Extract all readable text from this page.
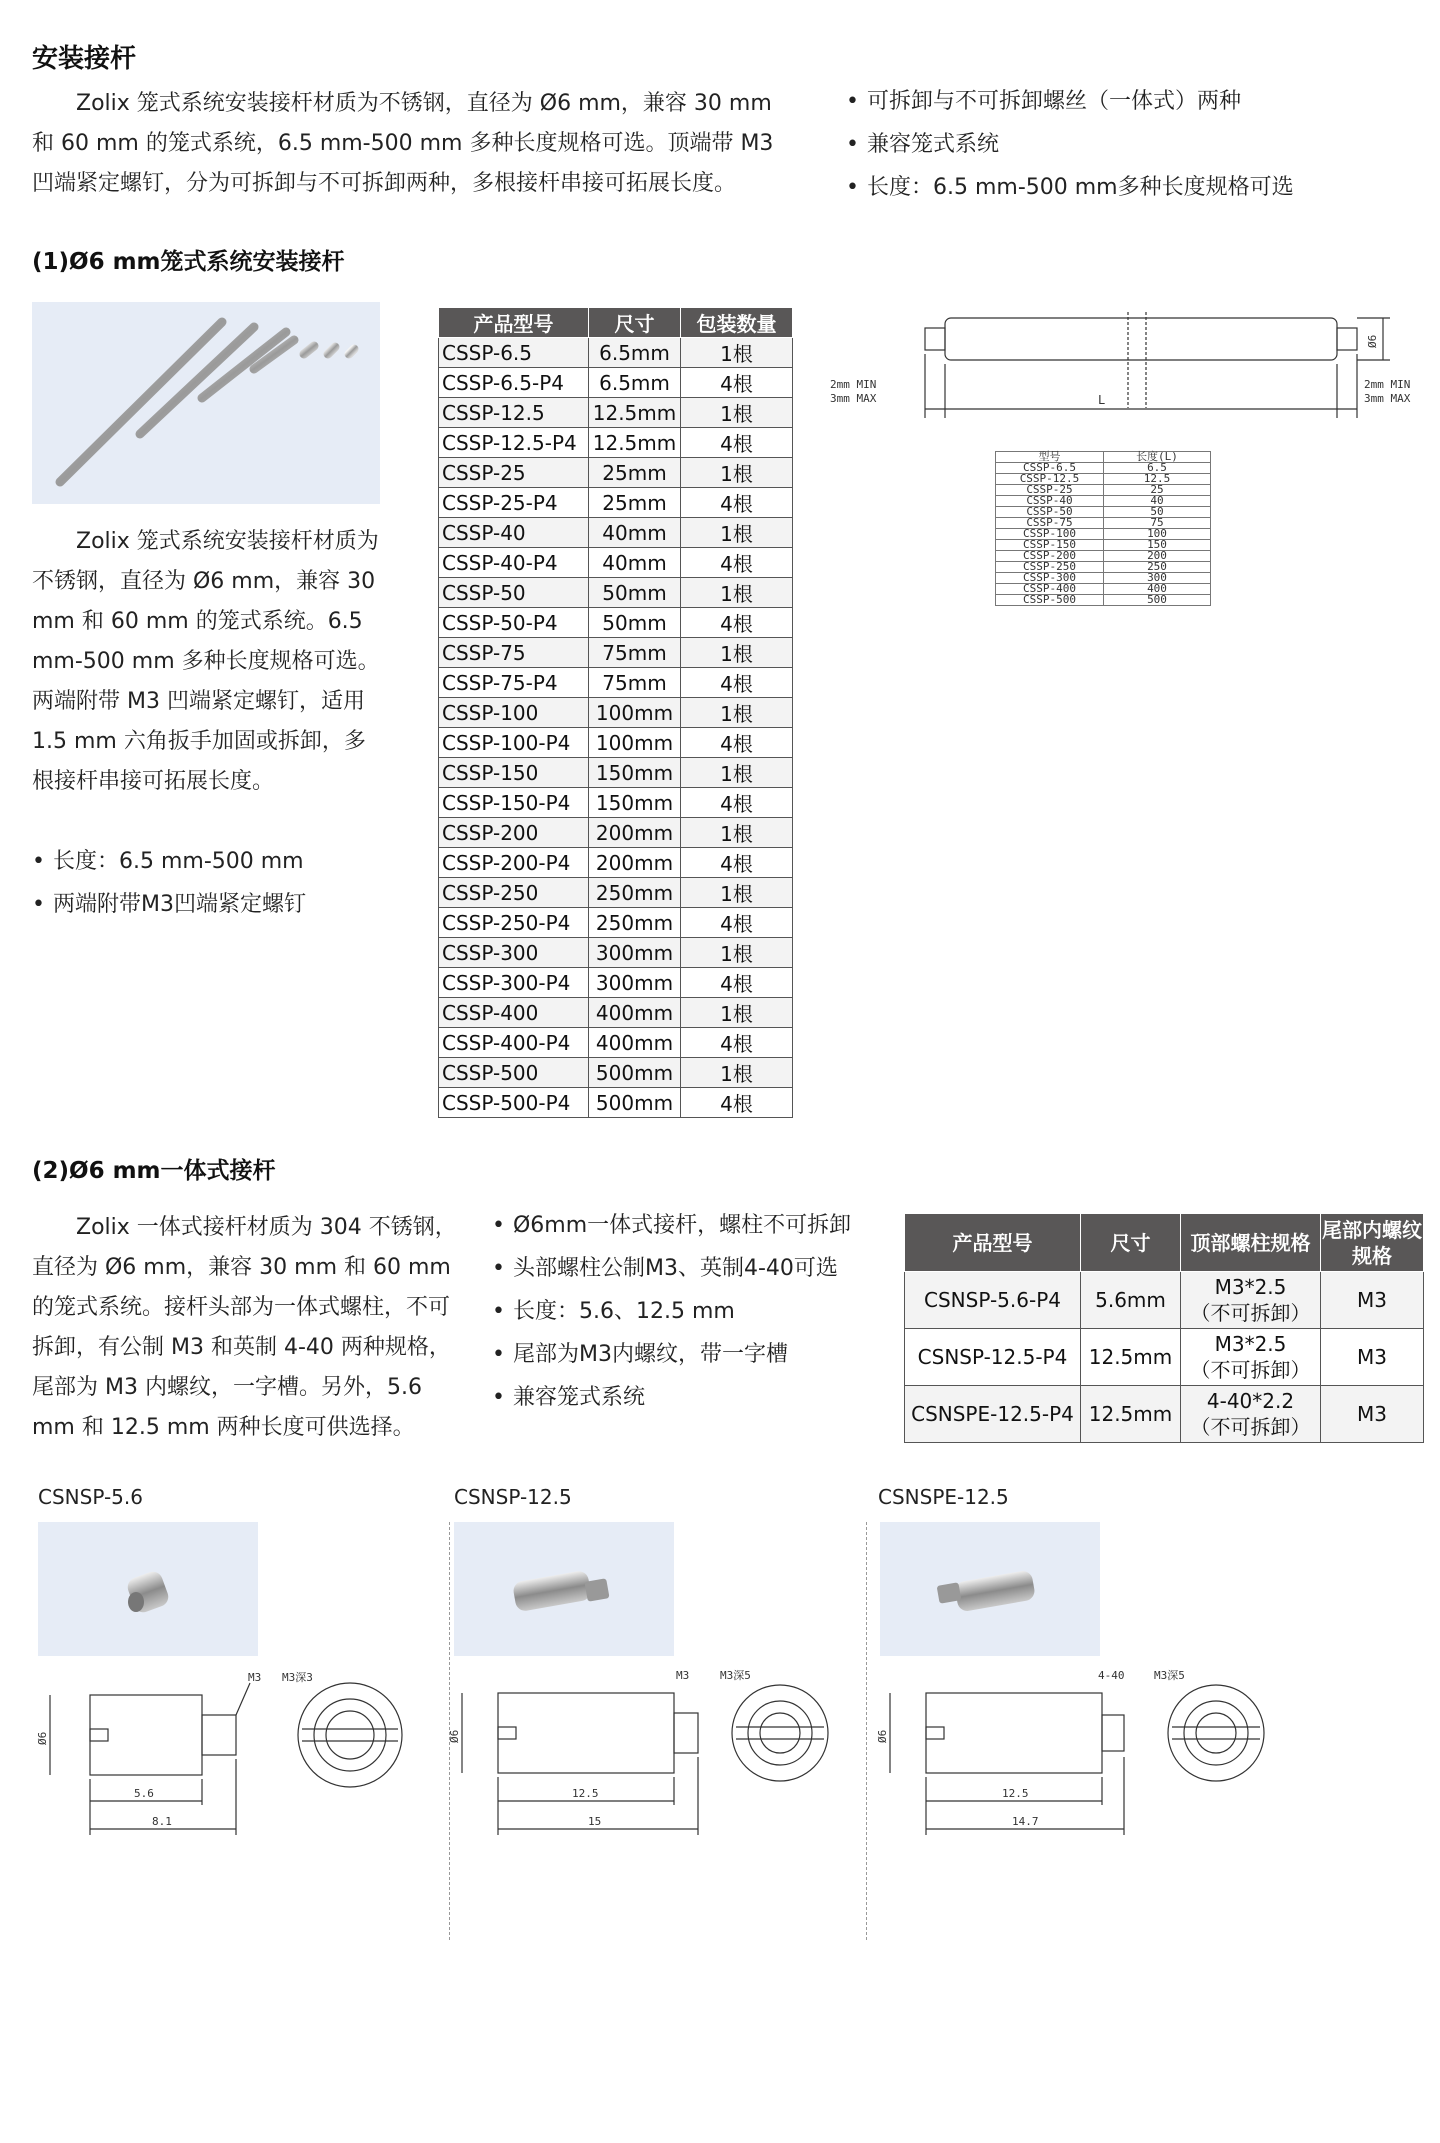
安装接杆

Zolix 笼式系统安装接杆材质为不锈钢，直径为 Ø6 mm，兼容 30 mm 和 60 mm 的笼式系统，6.5 mm-500 mm 多种长度规格可选。顶端带 M3 凹端紧定螺钉，分为可拆卸与不可拆卸两种，多根接杆串接可拓展长度。

• 可拆卸与不可拆卸螺丝（一体式）两种
• 兼容笼式系统
• 长度：6.5 mm-500 mm多种长度规格可选
(1)Ø6 mm笼式系统安装接杆

Zolix 笼式系统安装接杆材质为不锈钢，直径为 Ø6 mm，兼容 30 mm 和 60 mm 的笼式系统。6.5 mm-500 mm 多种长度规格可选。两端附带 M3 凹端紧定螺钉，适用 1.5 mm 六角扳手加固或拆卸，多根接杆串接可拓展长度。

• 长度：6.5 mm-500 mm
• 两端附带M3凹端紧定螺钉
产品型号	尺寸	包装数量
CSSP-6.5	6.5mm	1根
CSSP-6.5-P4	6.5mm	4根
CSSP-12.5	12.5mm	1根
CSSP-12.5-P4	12.5mm	4根
CSSP-25	25mm	1根
CSSP-25-P4	25mm	4根
CSSP-40	40mm	1根
CSSP-40-P4	40mm	4根
CSSP-50	50mm	1根
CSSP-50-P4	50mm	4根
CSSP-75	75mm	1根
CSSP-75-P4	75mm	4根
CSSP-100	100mm	1根
CSSP-100-P4	100mm	4根
CSSP-150	150mm	1根
CSSP-150-P4	150mm	4根
CSSP-200	200mm	1根
CSSP-200-P4	200mm	4根
CSSP-250	250mm	1根
CSSP-250-P4	250mm	4根
CSSP-300	300mm	1根
CSSP-300-P4	300mm	4根
CSSP-400	400mm	1根
CSSP-400-P4	400mm	4根
CSSP-500	500mm	1根
CSSP-500-P4	500mm	4根
2mm MIN
3mm MAX	L
2mm MIN
3mm MAX
Ø6
型号	长度(L)
CSSP-6.5	6.5
CSSP-12.5	12.5
CSSP-25	25
CSSP-40	40
CSSP-50	50
CSSP-75	75
CSSP-100	100
CSSP-150	150
CSSP-200	200
CSSP-250	250
CSSP-300	300
CSSP-400	400
CSSP-500	500
(2)Ø6 mm一体式接杆

Zolix 一体式接杆材质为 304 不锈钢，直径为 Ø6 mm，兼容 30 mm 和 60 mm 的笼式系统。接杆头部为一体式螺柱，不可拆卸，有公制 M3 和英制 4-40 两种规格，尾部为 M3 内螺纹，一字槽。另外，5.6 mm 和 12.5 mm 两种长度可供选择。

• Ø6mm一体式接杆，螺柱不可拆卸
• 头部螺柱公制M3、英制4-40可选
• 长度：5.6、12.5 mm
• 尾部为M3内螺纹，带一字槽
• 兼容笼式系统
产品型号	尺寸	顶部螺柱规格	尾部内螺纹规格
CSNSP-5.6-P4	5.6mm	M3*2.5
（不可拆卸）	M3
CSNSP-12.5-P4	12.5mm	M3*2.5
（不可拆卸）	M3
CSNSPE-12.5-P4	12.5mm	4-40*2.2
（不可拆卸）	M3
CSNSP-5.6
M3 M3深3
5.6
8.1
Ø6
CSNSP-12.5
M3	M3深5
12.5
15
Ø6
CSNSPE-12.5
4-40	M3深5
12.5
14.7
Ø6
